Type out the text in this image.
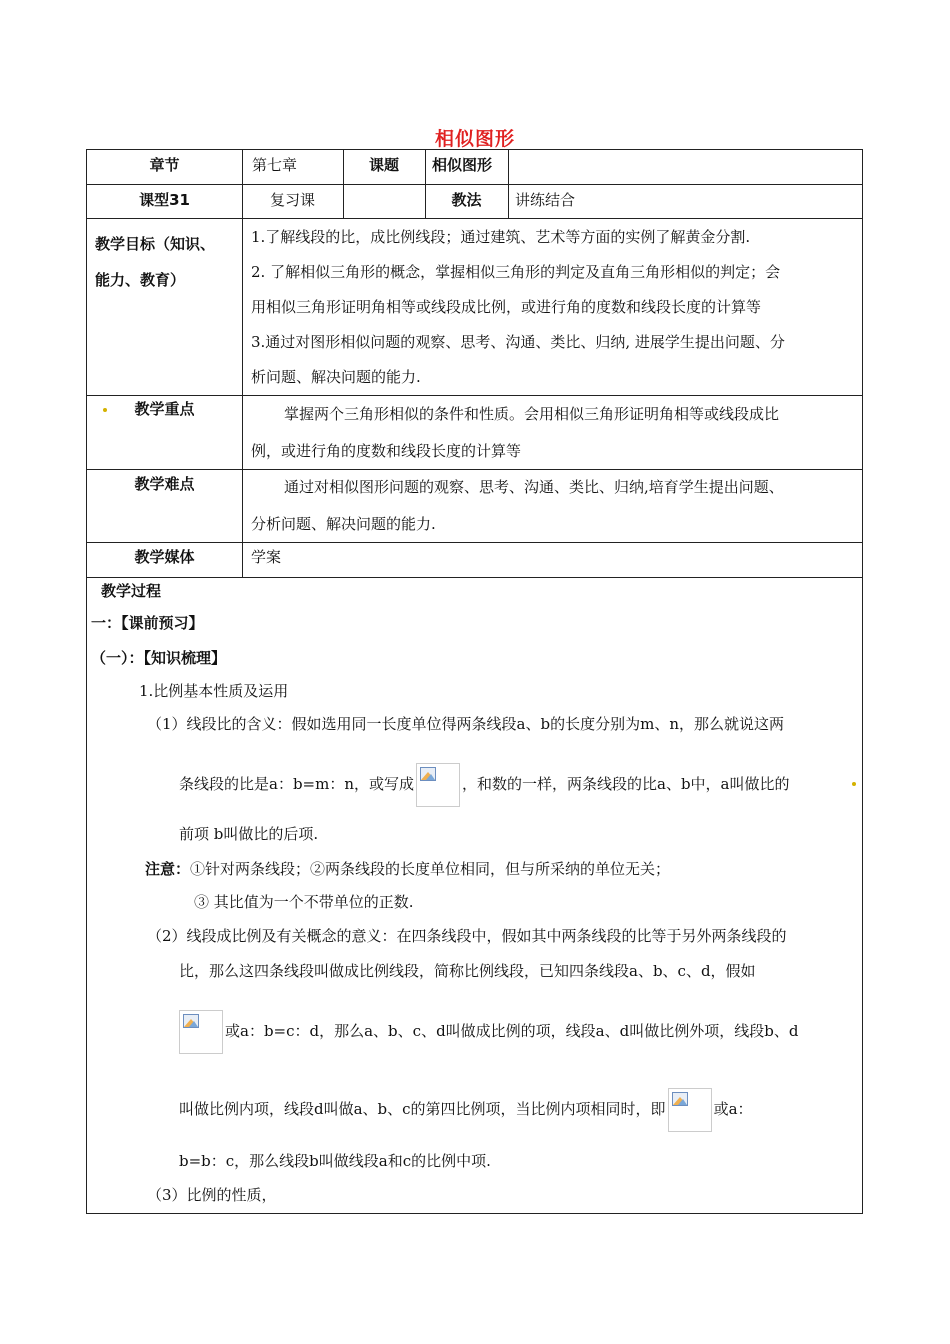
相似图形
章节	第七章	课题	相似图形
课型31	复习课	教法	讲练结合
教学目标（知识、
能力、教育）
1.了解线段的比，成比例线段；通过建筑、艺术等方面的实例了解黄金分割.
2. 了解相似三角形的概念，掌握相似三角形的判定及直角三角形相似的判定；会
用相似三角形证明角相等或线段成比例，或进行角的度数和线段长度的计算等
3.通过对图形相似问题的观察、思考、沟通、类比、归纳, 进展学生提出问题、分
析问题、解决问题的能力.
教学重点	掌握两个三角形相似的条件和性质。会用相似三角形证明角相等或线段成比
例，或进行角的度数和线段长度的计算等
教学难点	通过对相似图形问题的观察、思考、沟通、类比、归纳,培育学生提出问题、
分析问题、解决问题的能力.
教学媒体	学案
教学过程
一：【课前预习】
（一）：【知识梳理】
1.比例基本性质及运用
（1）线段比的含义：假如选用同一长度单位得两条线段a、b的长度分别为m、n，那么就说这两
条线段的比是a：b=m：n，或写成	，和数的一样，两条线段的比a、b中，a叫做比的
前项 b叫做比的后项.
注意：①针对两条线段；②两条线段的长度单位相同，但与所采纳的单位无关；
③ 其比值为一个不带单位的正数.
（2）线段成比例及有关概念的意义：在四条线段中，假如其中两条线段的比等于另外两条线段的
比，那么这四条线段叫做成比例线段，简称比例线段，已知四条线段a、b、c、d，假如
或a：b=c：d，那么a、b、c、d叫做成比例的项，线段a、d叫做比例外项，线段b、d
叫做比例内项，线段d叫做a、b、c的第四比例项，当比例内项相同时，即	或a：
b=b：c，那么线段b叫做线段a和c的比例中项.
（3）比例的性质，
